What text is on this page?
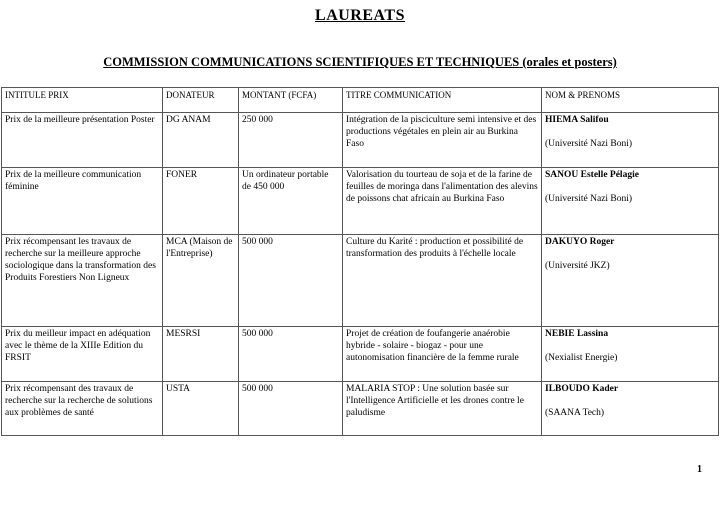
LAUREATS
COMMISSION COMMUNICATIONS SCIENTIFIQUES ET TECHNIQUES (orales et posters)
INTITULE PRIX	DONATEUR	MONTANT (FCFA)	TITRE COMMUNICATION	NOM & PRENOMS
Prix de la meilleure présentation Poster	DG ANAM	250 000	Intégration de la pisciculture semi intensive et des productions végétales en plein air au Burkina Faso	HIEMA Salifou
(Université Nazi Boni)

Prix de la meilleure communication féminine	FONER	Un ordinateur portable de 450 000	Valorisation du tourteau de soja et de la farine de feuilles de moringa dans l'alimentation des alevins de poissons chat africain au Burkina Faso	SANOU Estelle Pélagie
(Université Nazi Boni)

Prix récompensant les travaux de recherche sur la meilleure approche sociologique dans la transformation des Produits Forestiers Non Ligneux	MCA (Maison de l'Entreprise)	500 000	Culture du Karité : production et possibilité de transformation des produits à l'échelle locale	DAKUYO Roger
(Université JKZ)

Prix du meilleur impact en adéquation avec le thème de la XIIIe Edition du FRSIT	MESRSI	500 000	Projet de création de foufangerie anaérobie hybride - solaire - biogaz - pour une autonomisation financière de la femme rurale	NEBIE Lassina
(Nexialist Energie)

Prix récompensant des travaux de recherche sur la recherche de solutions aux problèmes de santé	USTA	500 000	MALARIA STOP : Une solution basée sur l'Intelligence Artificielle et les drones contre le paludisme	ILBOUDO Kader
(SAANA Tech)
1
